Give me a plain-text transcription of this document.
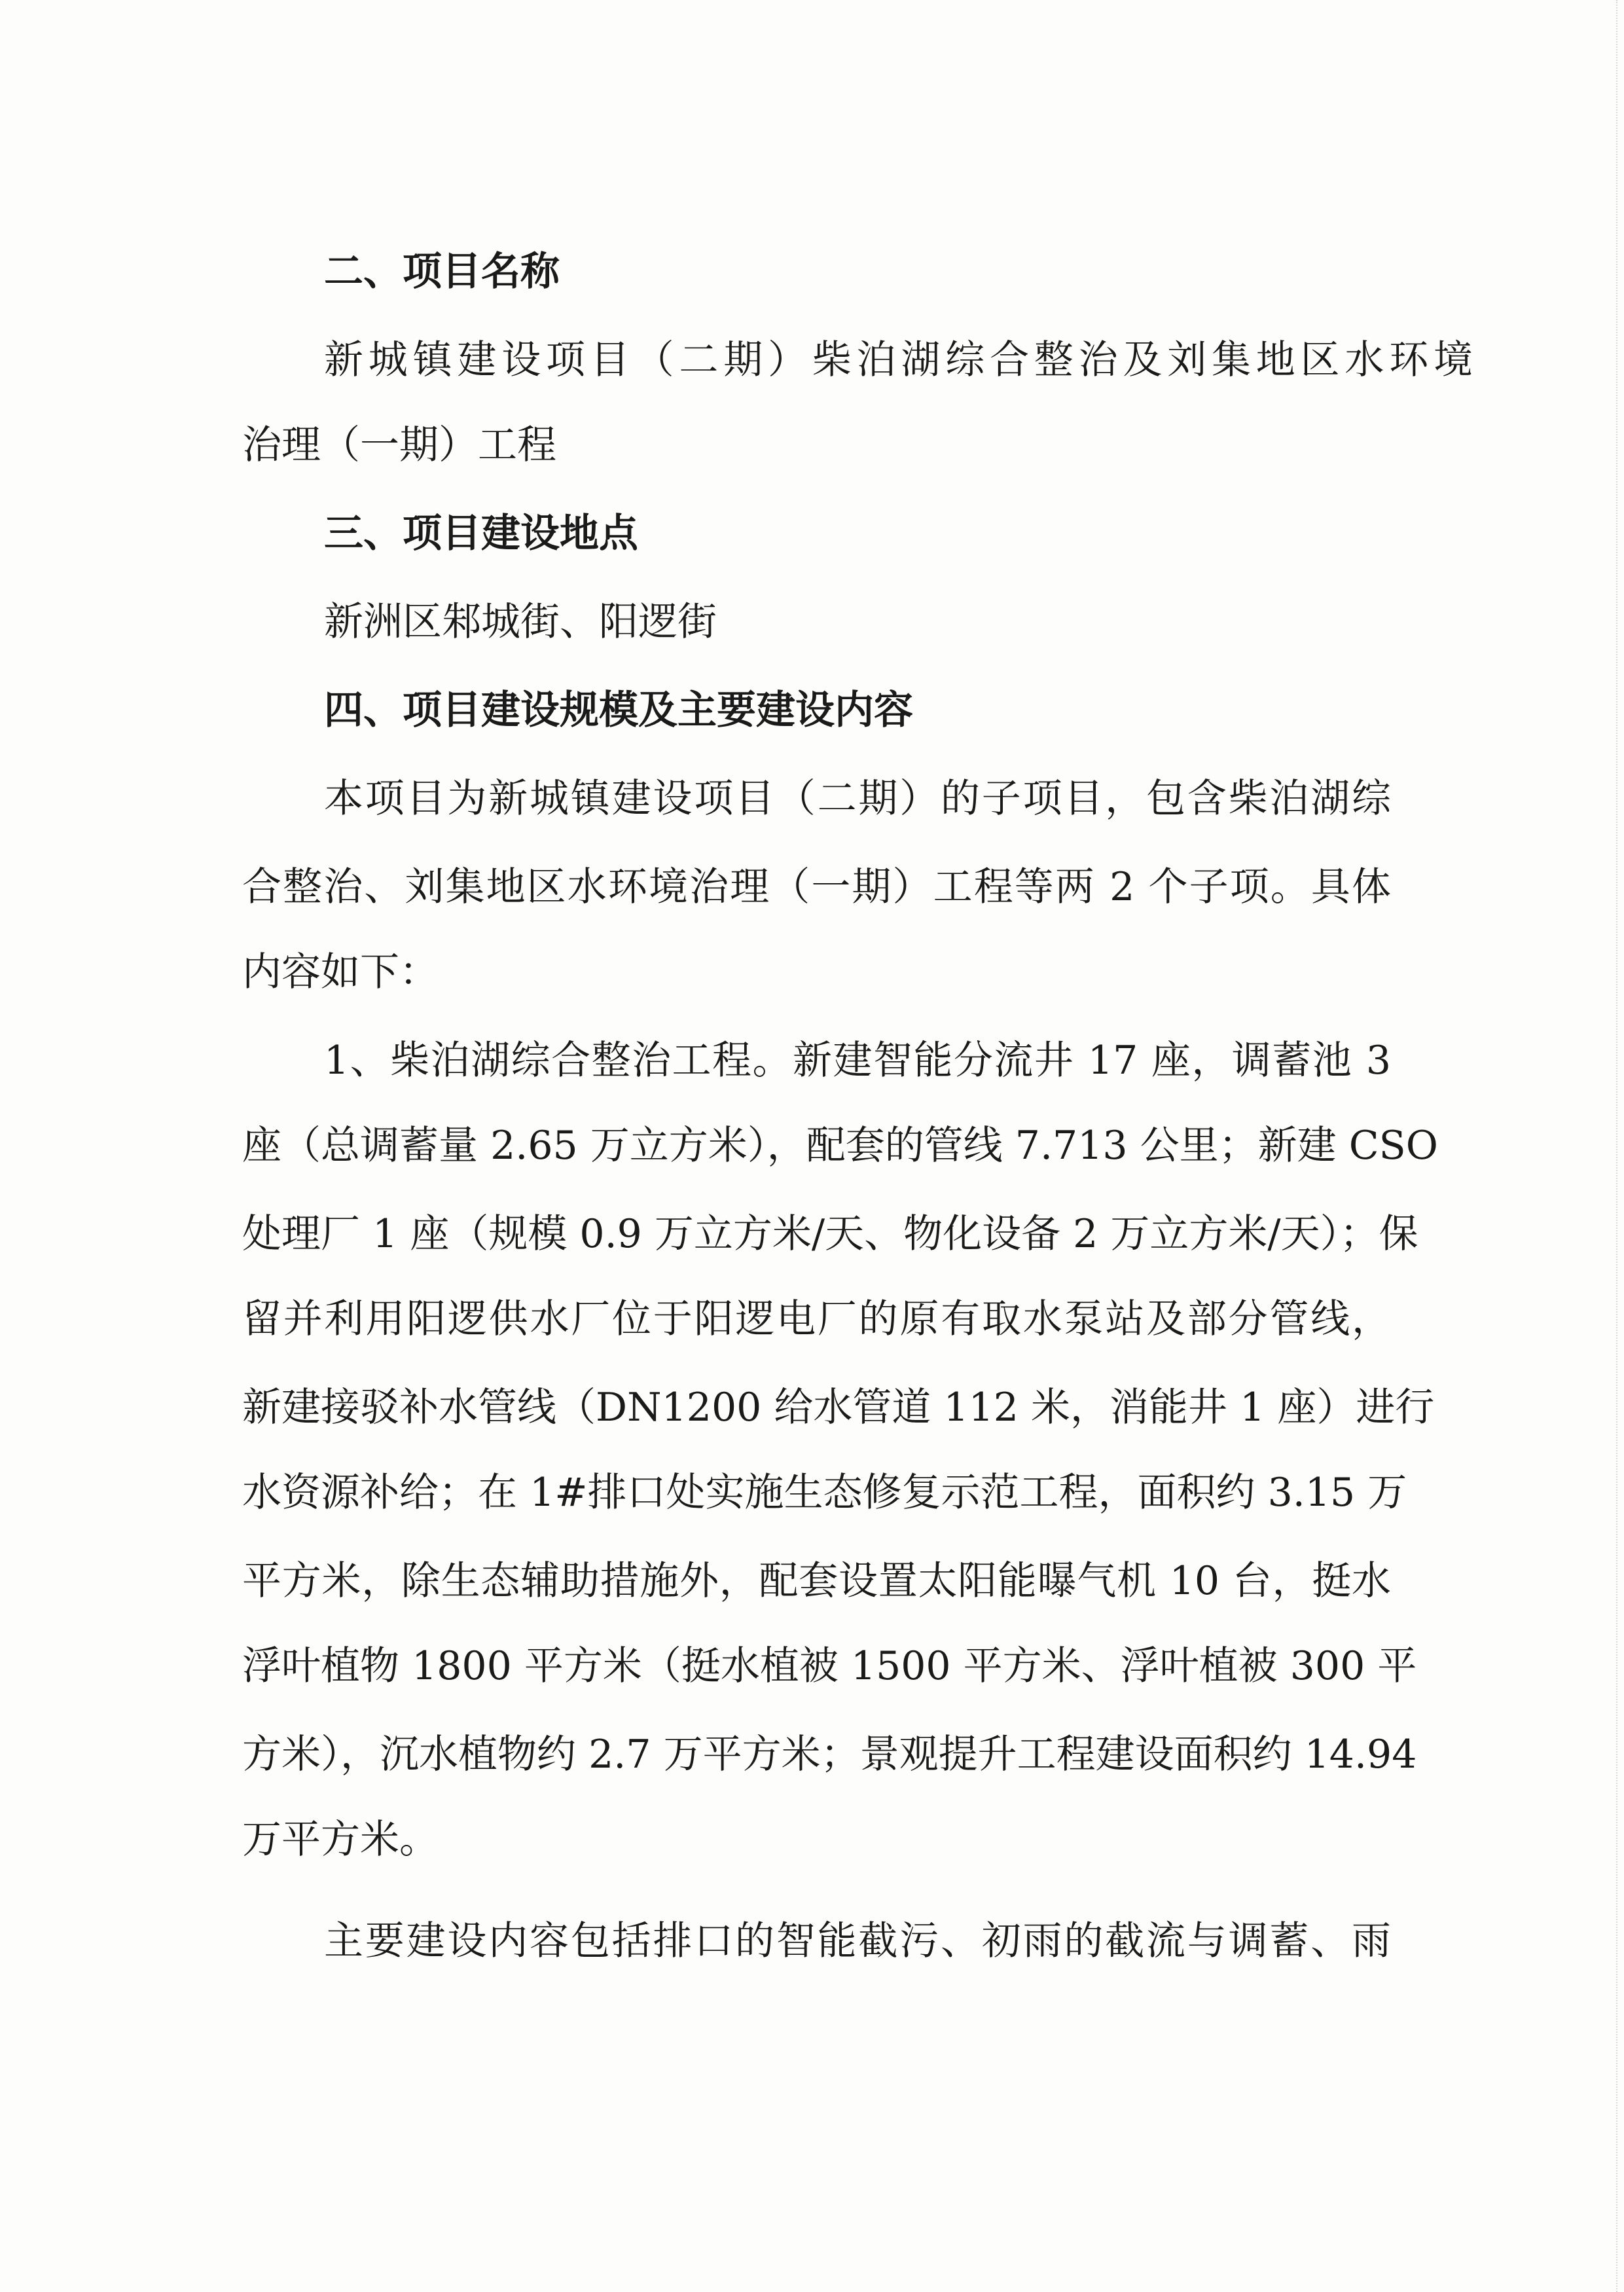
二、项目名称
新城镇建设项目（二期）柴泊湖综合整治及刘集地区水环境
治理（一期）工程
三、项目建设地点
新洲区邾城街、阳逻街
四、项目建设规模及主要建设内容
本项目为新城镇建设项目（二期）的子项目，包含柴泊湖综
合整治、刘集地区水环境治理（一期）工程等两 2 个子项。具体
内容如下：
1、柴泊湖综合整治工程。新建智能分流井 17 座，调蓄池 3
座（总调蓄量 2.65 万立方米），配套的管线 7.713 公里；新建 CSO
处理厂 1 座（规模 0.9 万立方米/天、物化设备 2 万立方米/天）；保
留并利用阳逻供水厂位于阳逻电厂的原有取水泵站及部分管线，
新建接驳补水管线（DN1200 给水管道 112 米，消能井 1 座）进行
水资源补给；在 1#排口处实施生态修复示范工程，面积约 3.15 万
平方米，除生态辅助措施外，配套设置太阳能曝气机 10 台，挺水
浮叶植物 1800 平方米（挺水植被 1500 平方米、浮叶植被 300 平
方米），沉水植物约 2.7 万平方米；景观提升工程建设面积约 14.94
万平方米。
主要建设内容包括排口的智能截污、初雨的截流与调蓄、雨
